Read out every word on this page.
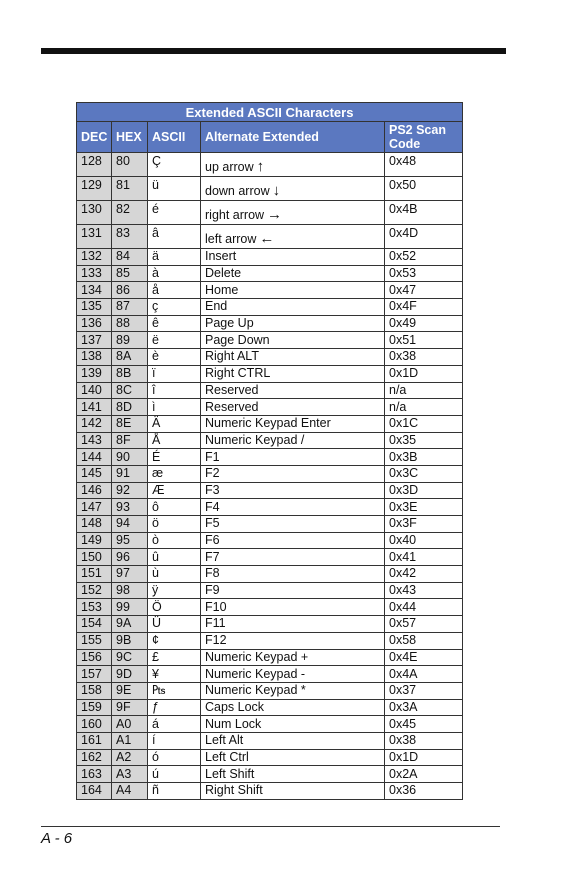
Extended ASCII Characters				
DEC	HEX	ASCII	Alternate Extended	PS2 Scan Code
128	80	Ç	up arrow ↑	0x48
129	81	ü	down arrow ↓	0x50
130	82	é	right arrow →	0x4B
131	83	â	left arrow ←	0x4D
132	84	ä	Insert	0x52
133	85	à	Delete	0x53
134	86	å	Home	0x47
135	87	ç	End	0x4F
136	88	ê	Page Up	0x49
137	89	ë	Page Down	0x51
138	8A	è	Right ALT	0x38
139	8B	ï	Right CTRL	0x1D
140	8C	î	Reserved	n/a
141	8D	ì	Reserved	n/a
142	8E	Ä	Numeric Keypad Enter	0x1C
143	8F	Å	Numeric Keypad /	0x35
144	90	É	F1	0x3B
145	91	æ	F2	0x3C
146	92	Æ	F3	0x3D
147	93	ô	F4	0x3E
148	94	ö	F5	0x3F
149	95	ò	F6	0x40
150	96	û	F7	0x41
151	97	ù	F8	0x42
152	98	ÿ	F9	0x43
153	99	Ö	F10	0x44
154	9A	Ü	F11	0x57
155	9B	¢	F12	0x58
156	9C	£	Numeric Keypad +	0x4E
157	9D	¥	Numeric Keypad -	0x4A
158	9E	₧	Numeric Keypad *	0x37
159	9F	ƒ	Caps Lock	0x3A
160	A0	á	Num Lock	0x45
161	A1	í	Left Alt	0x38
162	A2	ó	Left Ctrl	0x1D
163	A3	ú	Left Shift	0x2A
164	A4	ñ	Right Shift	0x36
A - 6
